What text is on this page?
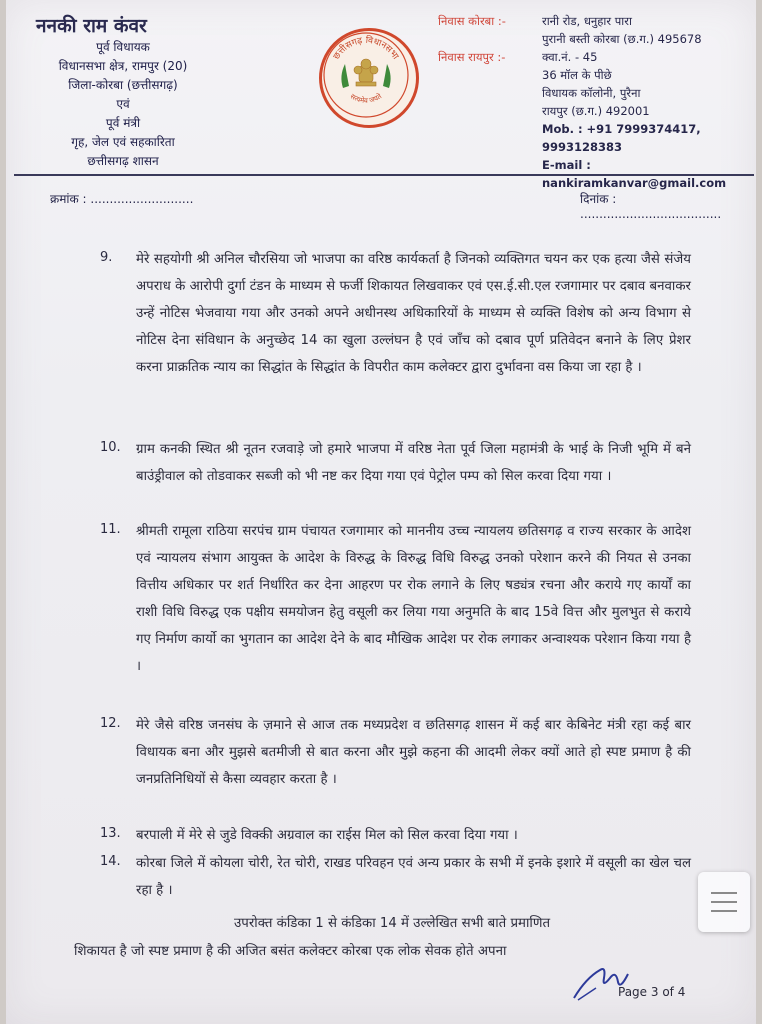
ननकी राम कंवर
पूर्व विधायक
विधानसभा क्षेत्र, रामपुर (20)
जिला-कोरबा (छत्तीसगढ़)
एवं
पूर्व मंत्री
गृह, जेल एवं सहकारिता
छत्तीसगढ़ शासन
छत्तीसगढ़ विधानसभा
सत्यमेव जयते
निवास कोरबा :-	रानी रोड, धनुहार पारा
पुरानी बस्ती कोरबा (छ.ग.) 495678
निवास रायपुर :-	क्वा.नं. - 45
36 मॉल के पीछे
विधायक कॉलोनी, पुरैना
रायपुर (छ.ग.) 492001
Mob. : +91 7999374417, 9993128383
E-mail : nankiramkanvar@gmail.com
क्रमांक : ...........................	दिनांक : .....................................
9. मेरे सहयोगी श्री अनिल चौरसिया जो भाजपा का वरिष्ठ कार्यकर्ता है जिनको व्यक्तिगत चयन कर एक हत्या जैसे संजेय अपराध के आरोपी दुर्गा टंडन के माध्यम से फर्जी शिकायत लिखवाकर एवं एस.ई.सी.एल रजगामार पर दबाव बनवाकर उन्हें नोटिस भेजवाया गया और उनको अपने अधीनस्थ अधिकारियों के माध्यम से व्यक्ति विशेष को अन्य विभाग से नोटिस देना संविधान के अनुच्छेद 14 का खुला उल्लंघन है एवं जाँच को दबाव पूर्ण प्रतिवेदन बनाने के लिए प्रेशर करना प्राक्रतिक न्याय का सिद्धांत के सिद्धांत के विपरीत काम कलेक्टर द्वारा दुर्भावना वस किया जा रहा है ।
10. ग्राम कनकी स्थित श्री नूतन रजवाड़े जो हमारे भाजपा में वरिष्ठ नेता पूर्व जिला महामंत्री के भाई के निजी भूमि में बने बाउंड्रीवाल को तोडवाकर सब्जी को भी नष्ट कर दिया गया एवं पेट्रोल पम्प को सिल करवा दिया गया ।
11. श्रीमती रामूला राठिया सरपंच ग्राम पंचायत रजगामार को माननीय उच्च न्यायलय छतिसगढ़ व राज्य सरकार के आदेश एवं न्यायलय संभाग आयुक्त के आदेश के विरुद्ध के विरुद्ध विधि विरुद्ध उनको परेशान करने की नियत से उनका वित्तीय अधिकार पर शर्त निर्धारित कर देना आहरण पर रोक लगाने के लिए षड्यंत्र रचना और कराये गए कार्यों का राशी विधि विरुद्ध एक पक्षीय समयोजन हेतु वसूली कर लिया गया अनुमति के बाद 15वे वित्त और मुलभुत से कराये गए निर्माण कार्यो का भुगतान का आदेश देने के बाद मौखिक आदेश पर रोक लगाकर अन्वाश्यक परेशान किया गया है ।
12. मेरे जैसे वरिष्ठ जनसंघ के ज़माने से आज तक मध्यप्रदेश व छतिसगढ़ शासन में कई बार केबिनेट मंत्री रहा कई बार विधायक बना और मुझसे बतमीजी से बात करना और मुझे कहना की आदमी लेकर क्यों आते हो स्पष्ट प्रमाण है की जनप्रतिनिधियों से कैसा व्यवहार करता है ।
13. बरपाली में मेरे से जुडे विक्की अग्रवाल का राईस मिल को सिल करवा दिया गया ।
14. कोरबा जिले में कोयला चोरी, रेत चोरी, राखड परिवहन एवं अन्य प्रकार के सभी में इनके इशारे में वसूली का खेल चल रहा है ।
उपरोक्त कंडिका 1 से कंडिका 14 में उल्लेखित सभी बाते प्रमाणित
शिकायत है जो स्पष्ट प्रमाण है की अजित बसंत कलेक्टर कोरबा एक लोक सेवक होते अपना
Page 3 of 4
